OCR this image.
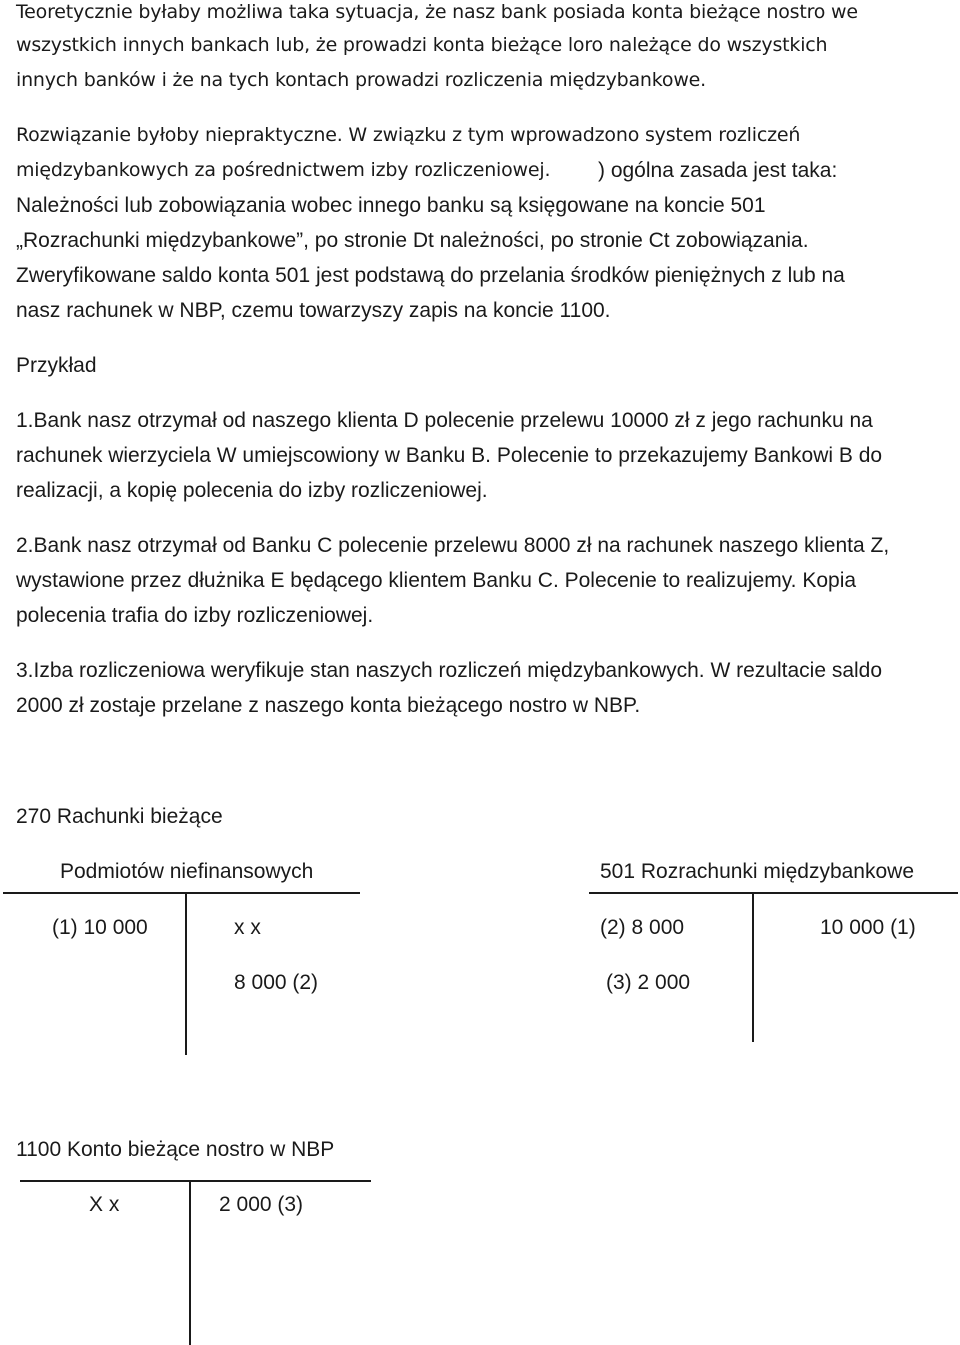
Teoretycznie byłaby możliwa taka sytuacja, że nasz bank posiada konta bieżące nostro we

wszystkich innych bankach lub, że prowadzi konta bieżące loro należące do wszystkich

innych banków i że na tych kontach prowadzi rozliczenia międzybankowe.

Rozwiązanie byłoby niepraktyczne. W związku z tym wprowadzono system rozliczeń

międzybankowych za pośrednictwem izby rozliczeniowej. ) ogólna zasada jest taka:

Należności lub zobowiązania wobec innego banku są księgowane na koncie 501

„Rozrachunki międzybankowe”, po stronie Dt należności, po stronie Ct zobowiązania.

Zweryfikowane saldo konta 501 jest podstawą do przelania środków pieniężnych z lub na

nasz rachunek w NBP, czemu towarzyszy zapis na koncie 1100.

Przykład

1.Bank nasz otrzymał od naszego klienta D polecenie przelewu 10000 zł z jego rachunku na

rachunek wierzyciela W umiejscowiony w Banku B. Polecenie to przekazujemy Bankowi B do

realizacji, a kopię polecenia do izby rozliczeniowej.

2.Bank nasz otrzymał od Banku C polecenie przelewu 8000 zł na rachunek naszego klienta Z,

wystawione przez dłużnika E będącego klientem Banku C. Polecenie to realizujemy. Kopia

polecenia trafia do izby rozliczeniowej.

3.Izba rozliczeniowa weryfikuje stan naszych rozliczeń międzybankowych. W rezultacie saldo

2000 zł zostaje przelane z naszego konta bieżącego nostro w NBP.

270 Rachunki bieżące

Podmiotów niefinansowych

(1) 10 000	x x

8 000 (2)

501 Rozrachunki międzybankowe

(2) 8 000

(3) 2 000

10 000 (1)

1100 Konto bieżące nostro w NBP

X x	2 000 (3)
